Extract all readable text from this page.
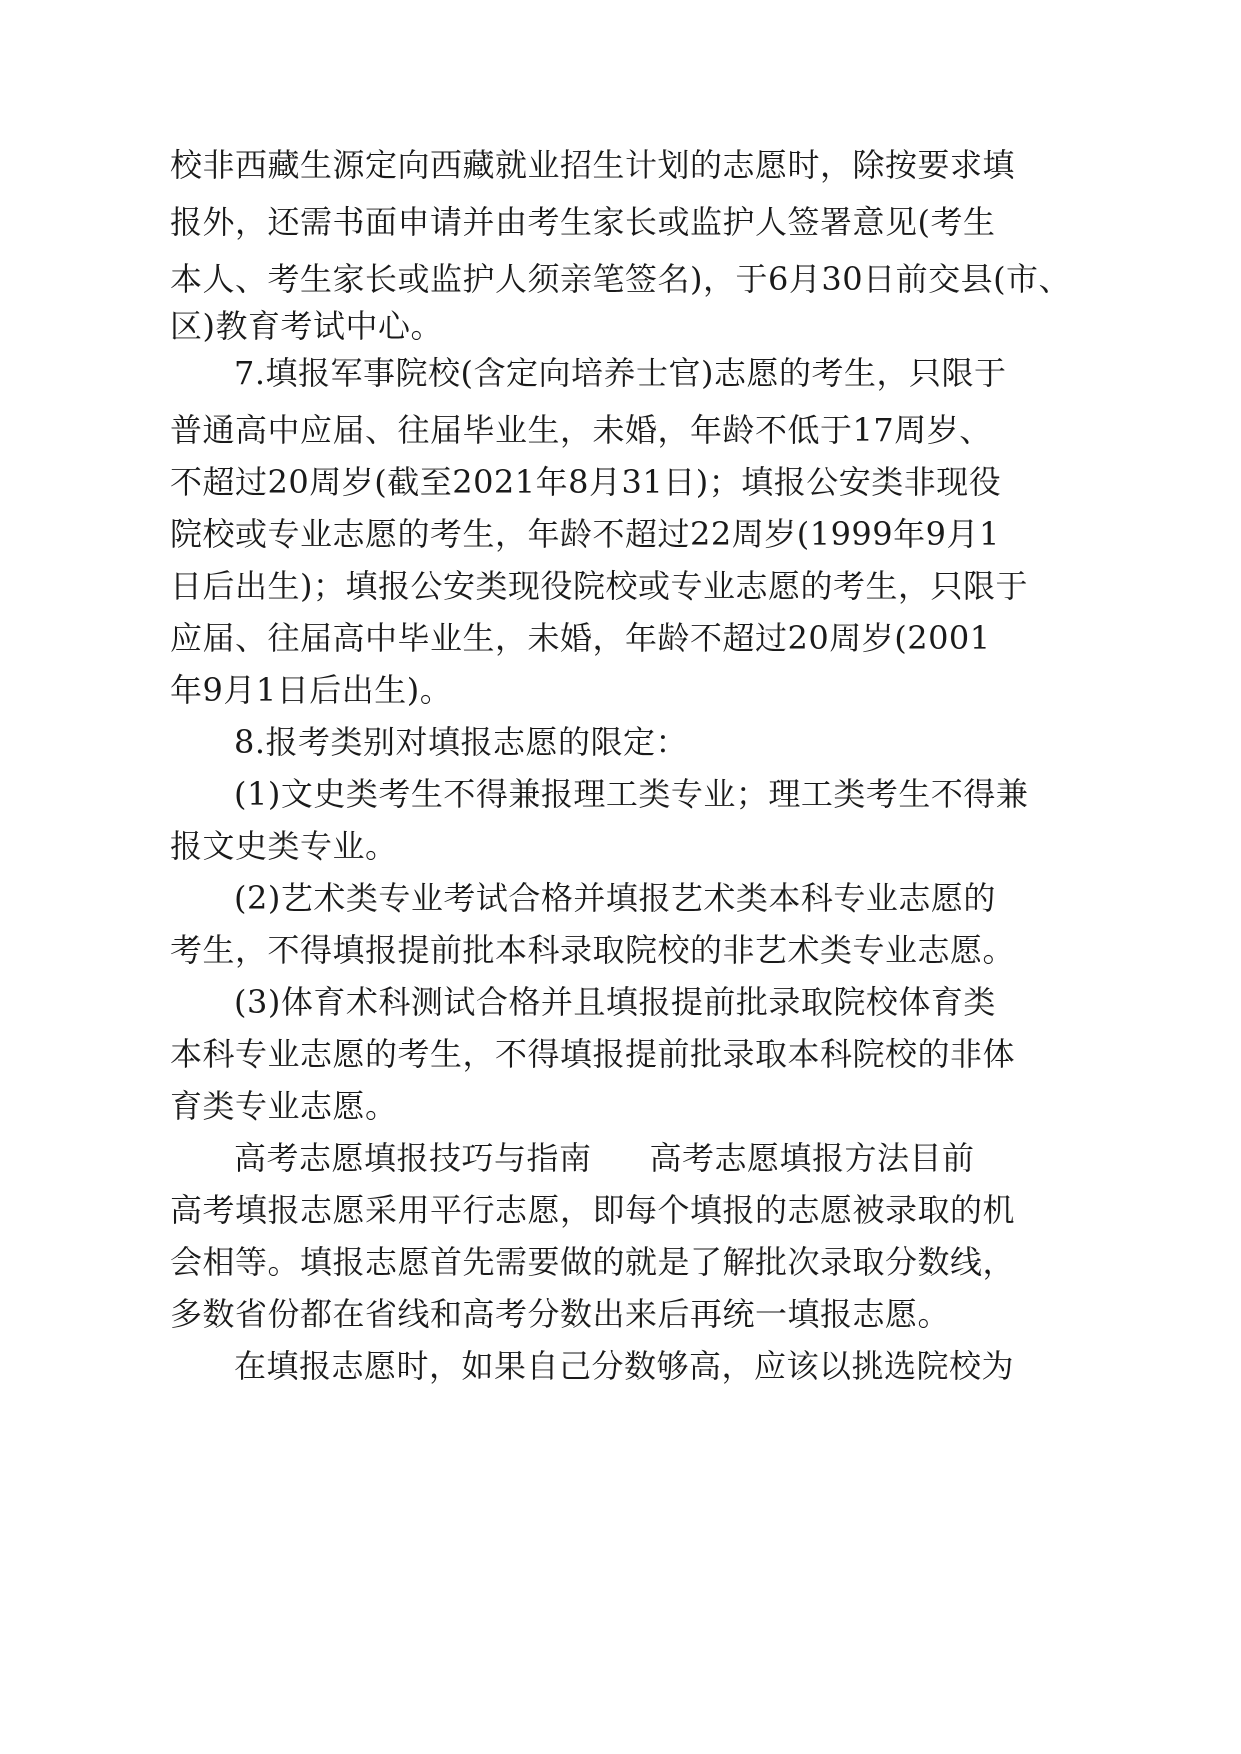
校非西藏生源定向西藏就业招生计划的志愿时，除按要求填
报外，还需书面申请并由考生家长或监护人签署意见(考生
本人、考生家长或监护人须亲笔签名)，于6月30日前交县(市、
区)教育考试中心。
7.填报军事院校(含定向培养士官)志愿的考生，只限于
普通高中应届、往届毕业生，未婚，年龄不低于17周岁、
不超过20周岁(截至2021年8月31日)；填报公安类非现役
院校或专业志愿的考生，年龄不超过22周岁(1999年9月1
日后出生)；填报公安类现役院校或专业志愿的考生，只限于
应届、往届高中毕业生，未婚，年龄不超过20周岁(2001
年9月1日后出生)。
8.报考类别对填报志愿的限定：
(1)文史类考生不得兼报理工类专业；理工类考生不得兼
报文史类专业。
(2)艺术类专业考试合格并填报艺术类本科专业志愿的
考生，不得填报提前批本科录取院校的非艺术类专业志愿。
(3)体育术科测试合格并且填报提前批录取院校体育类
本科专业志愿的考生，不得填报提前批录取本科院校的非体
育类专业志愿。
高考志愿填报技巧与指南 高考志愿填报方法目前
高考填报志愿采用平行志愿，即每个填报的志愿被录取的机
会相等。填报志愿首先需要做的就是了解批次录取分数线，
多数省份都在省线和高考分数出来后再统一填报志愿。
在填报志愿时，如果自己分数够高，应该以挑选院校为
